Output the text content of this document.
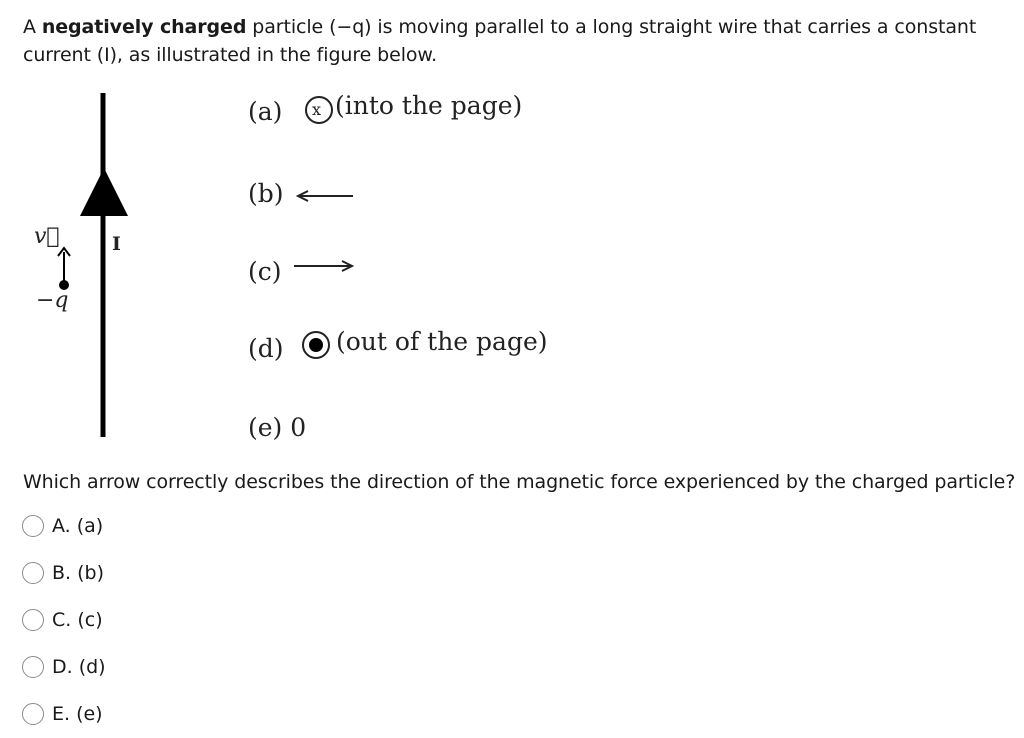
A negatively charged particle (−q) is moving parallel to a long straight wire that carries a constant current (I), as illustrated in the figure below.
v⃗
−q
I
(a) x (into the page)
(b)
(c)
(d) (out of the page)
(e) 0
Which arrow correctly describes the direction of the magnetic force experienced by the charged particle?
A. (a)
B. (b)
C. (c)
D. (d)
E. (e)
